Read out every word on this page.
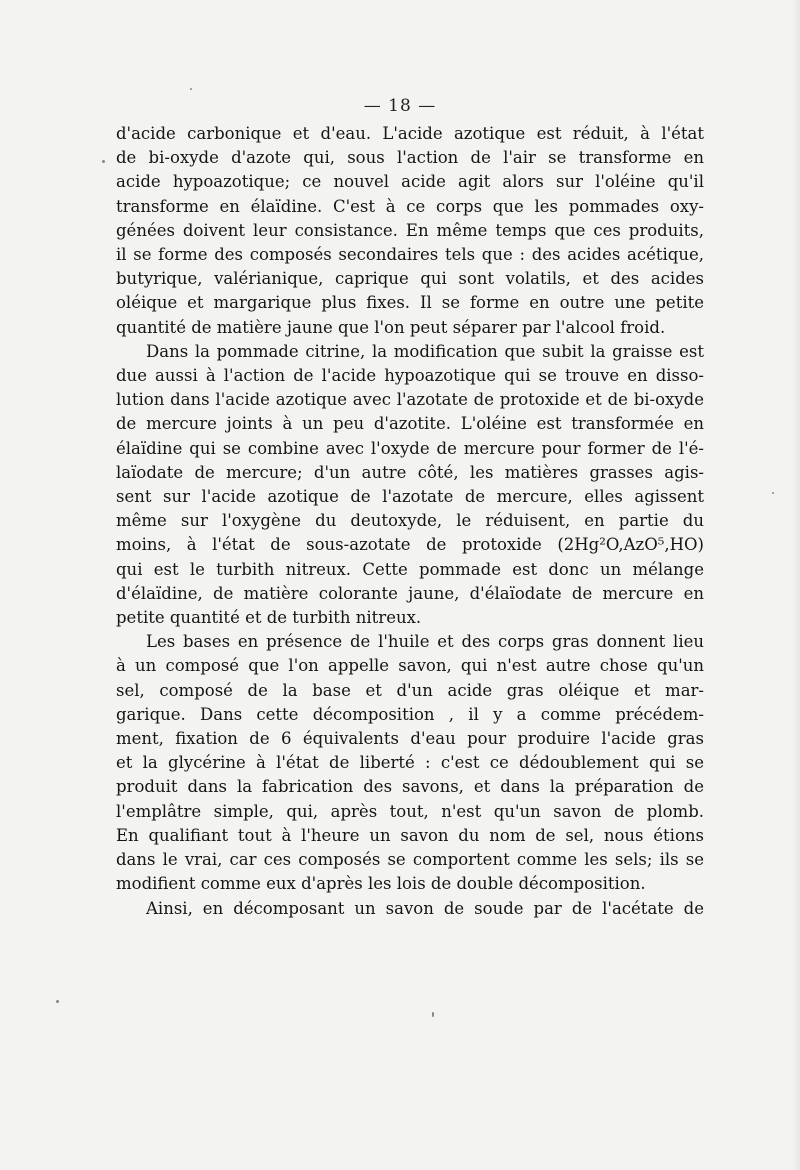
— 18 —
d'acide carbonique et d'eau. L'acide azotique est réduit, à l'état
de bi-oxyde d'azote qui, sous l'action de l'air se transforme en
acide hypoazotique; ce nouvel acide agit alors sur l'oléine qu'il
transforme en élaïdine. C'est à ce corps que les pommades oxy-
génées doivent leur consistance. En même temps que ces produits,
il se forme des composés secondaires tels que : des acides acétique,
butyrique, valérianique, caprique qui sont volatils, et des acides
oléique et margarique plus fixes. Il se forme en outre une petite
quantité de matière jaune que l'on peut séparer par l'alcool froid.
Dans la pommade citrine, la modification que subit la graisse est
due aussi à l'action de l'acide hypoazotique qui se trouve en disso-
lution dans l'acide azotique avec l'azotate de protoxide et de bi-oxyde
de mercure joints à un peu d'azotite. L'oléine est transformée en
élaïdine qui se combine avec l'oxyde de mercure pour former de l'é-
laïodate de mercure; d'un autre côté, les matières grasses agis-
sent sur l'acide azotique de l'azotate de mercure, elles agissent
même sur l'oxygène du deutoxyde, le réduisent, en partie du
moins, à l'état de sous-azotate de protoxide (2Hg²O,AzO⁵,HO)
qui est le turbith nitreux. Cette pommade est donc un mélange
d'élaïdine, de matière colorante jaune, d'élaïodate de mercure en
petite quantité et de turbith nitreux.
Les bases en présence de l'huile et des corps gras donnent lieu
à un composé que l'on appelle savon, qui n'est autre chose qu'un
sel, composé de la base et d'un acide gras oléique et mar-
garique. Dans cette décomposition , il y a comme précédem-
ment, fixation de 6 équivalents d'eau pour produire l'acide gras
et la glycérine à l'état de liberté : c'est ce dédoublement qui se
produit dans la fabrication des savons, et dans la préparation de
l'emplâtre simple, qui, après tout, n'est qu'un savon de plomb.
En qualifiant tout à l'heure un savon du nom de sel, nous étions
dans le vrai, car ces composés se comportent comme les sels; ils se
modifient comme eux d'après les lois de double décomposition.
Ainsi, en décomposant un savon de soude par de l'acétate de
